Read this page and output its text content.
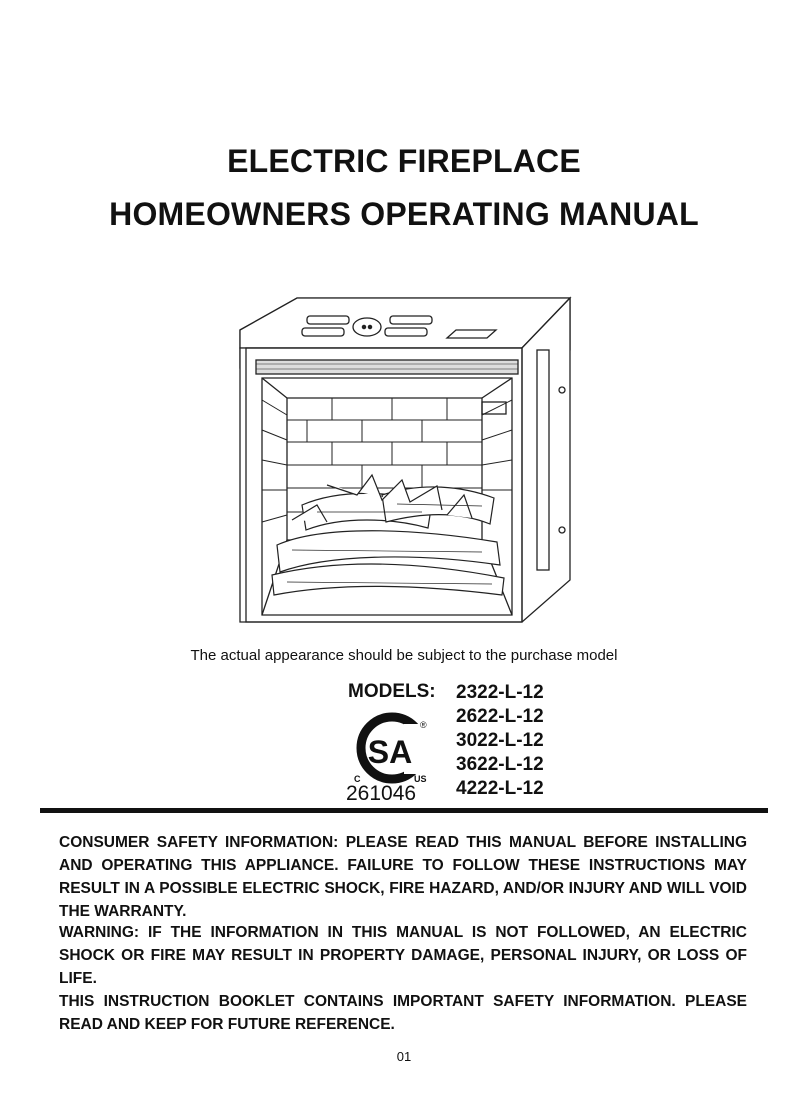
ELECTRIC FIREPLACE
HOMEOWNERS OPERATING MANUAL
The actual appearance should be subject to the purchase model
MODELS: 2322-L-12
2622-L-12
3022-L-12
3622-L-12
4222-L-12
SA
®
C	US
261046
CONSUMER SAFETY INFORMATION: PLEASE READ THIS MANUAL BEFORE INSTALLING AND OPERATING THIS APPLIANCE. FAILURE TO FOLLOW THESE INSTRUCTIONS MAY RESULT IN A POSSIBLE ELECTRIC SHOCK, FIRE HAZARD, AND/OR INJURY AND WILL VOID THE WARRANTY.
WARNING: IF THE INFORMATION IN THIS MANUAL IS NOT FOLLOWED, AN ELECTRIC SHOCK OR FIRE MAY RESULT IN PROPERTY DAMAGE, PERSONAL INJURY, OR LOSS OF LIFE.
THIS INSTRUCTION BOOKLET CONTAINS IMPORTANT SAFETY INFORMATION. PLEASE READ AND KEEP FOR FUTURE REFERENCE.
01
